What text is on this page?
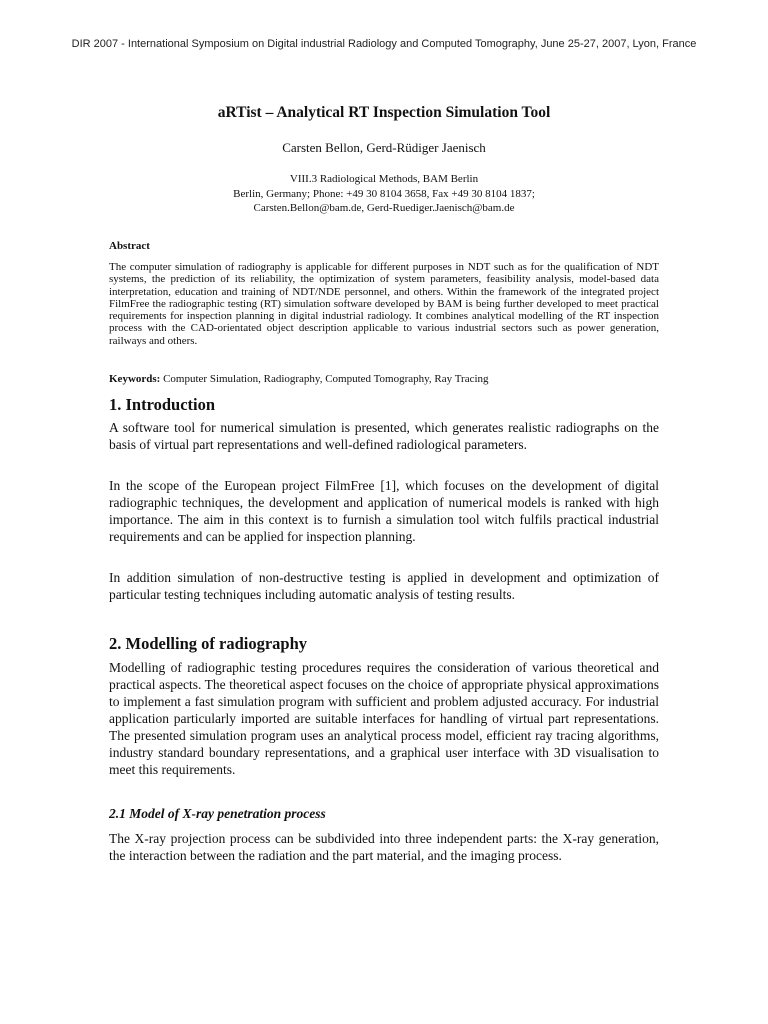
DIR 2007 - International Symposium on Digital industrial Radiology and Computed Tomography, June 25-27, 2007, Lyon, France
aRTist – Analytical RT Inspection Simulation Tool
Carsten Bellon, Gerd-Rüdiger Jaenisch
VIII.3 Radiological Methods, BAM Berlin
Berlin, Germany; Phone: +49 30 8104 3658, Fax +49 30 8104 1837;
Carsten.Bellon@bam.de, Gerd-Ruediger.Jaenisch@bam.de
Abstract
The computer simulation of radiography is applicable for different purposes in NDT such as for the qualification of NDT systems, the prediction of its reliability, the optimization of system parameters, feasibility analysis, model-based data interpretation, education and training of NDT/NDE personnel, and others. Within the framework of the integrated project FilmFree the radiographic testing (RT) simulation software developed by BAM is being further developed to meet practical requirements for inspection planning in digital industrial radiology. It combines analytical modelling of the RT inspection process with the CAD-orientated object description applicable to various industrial sectors such as power generation, railways and others.
Keywords: Computer Simulation, Radiography, Computed Tomography, Ray Tracing
1. Introduction
A software tool for numerical simulation is presented, which generates realistic radiographs on the basis of virtual part representations and well-defined radiological parameters.
In the scope of the European project FilmFree [1], which focuses on the development of digital radiographic techniques, the development and application of numerical models is ranked with high importance. The aim in this context is to furnish a simulation tool witch fulfils practical industrial requirements and can be applied for inspection planning.
In addition simulation of non-destructive testing is applied in development and optimization of particular testing techniques including automatic analysis of testing results.
2. Modelling of radiography
Modelling of radiographic testing procedures requires the consideration of various theoretical and practical aspects. The theoretical aspect focuses on the choice of appropriate physical approximations to implement a fast simulation program with sufficient and problem adjusted accuracy. For industrial application particularly imported are suitable interfaces for handling of virtual part representations. The presented simulation program uses an analytical process model, efficient ray tracing algorithms, industry standard boundary representations, and a graphical user interface with 3D visualisation to meet this requirements.
2.1 Model of X-ray penetration process
The X-ray projection process can be subdivided into three independent parts: the X-ray generation, the interaction between the radiation and the part material, and the imaging process.
